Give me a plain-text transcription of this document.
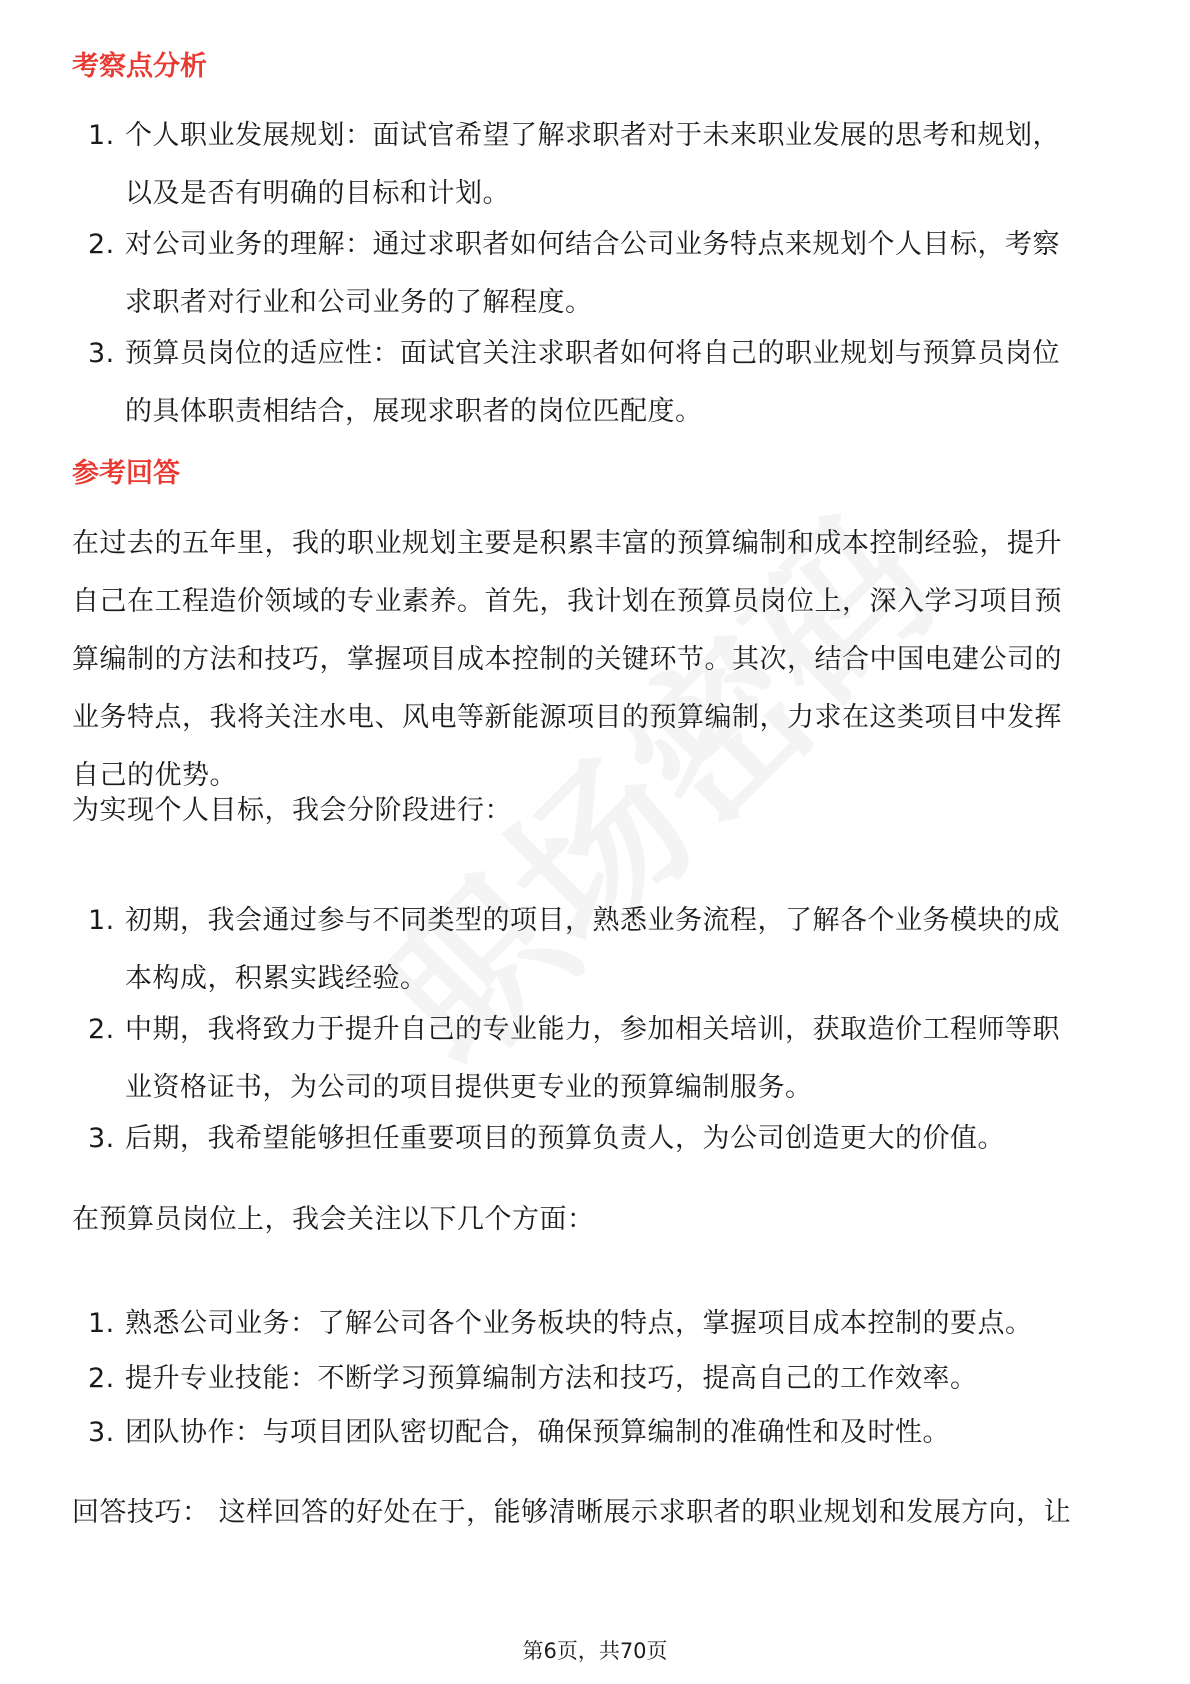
考察点分析
1. 个人职业发展规划：面试官希望了解求职者对于未来职业发展的思考和规划，
以及是否有明确的目标和计划。
2. 对公司业务的理解：通过求职者如何结合公司业务特点来规划个人目标，考察
求职者对行业和公司业务的了解程度。
3. 预算员岗位的适应性：面试官关注求职者如何将自己的职业规划与预算员岗位
的具体职责相结合，展现求职者的岗位匹配度。
参考回答
在过去的五年里，我的职业规划主要是积累丰富的预算编制和成本控制经验，提升
自己在工程造价领域的专业素养。首先，我计划在预算员岗位上，深入学习项目预
算编制的方法和技巧，掌握项目成本控制的关键环节。其次，结合中国电建公司的
业务特点，我将关注水电、风电等新能源项目的预算编制，力求在这类项目中发挥
自己的优势。
为实现个人目标，我会分阶段进行：
1. 初期，我会通过参与不同类型的项目，熟悉业务流程，了解各个业务模块的成
本构成，积累实践经验。
2. 中期，我将致力于提升自己的专业能力，参加相关培训，获取造价工程师等职
业资格证书，为公司的项目提供更专业的预算编制服务。
3. 后期，我希望能够担任重要项目的预算负责人，为公司创造更大的价值。
在预算员岗位上，我会关注以下几个方面：
1. 熟悉公司业务：了解公司各个业务板块的特点，掌握项目成本控制的要点。
2. 提升专业技能：不断学习预算编制方法和技巧，提高自己的工作效率。
3. 团队协作：与项目团队密切配合，确保预算编制的准确性和及时性。
回答技巧： 这样回答的好处在于，能够清晰展示求职者的职业规划和发展方向，让
第6页，共70页
